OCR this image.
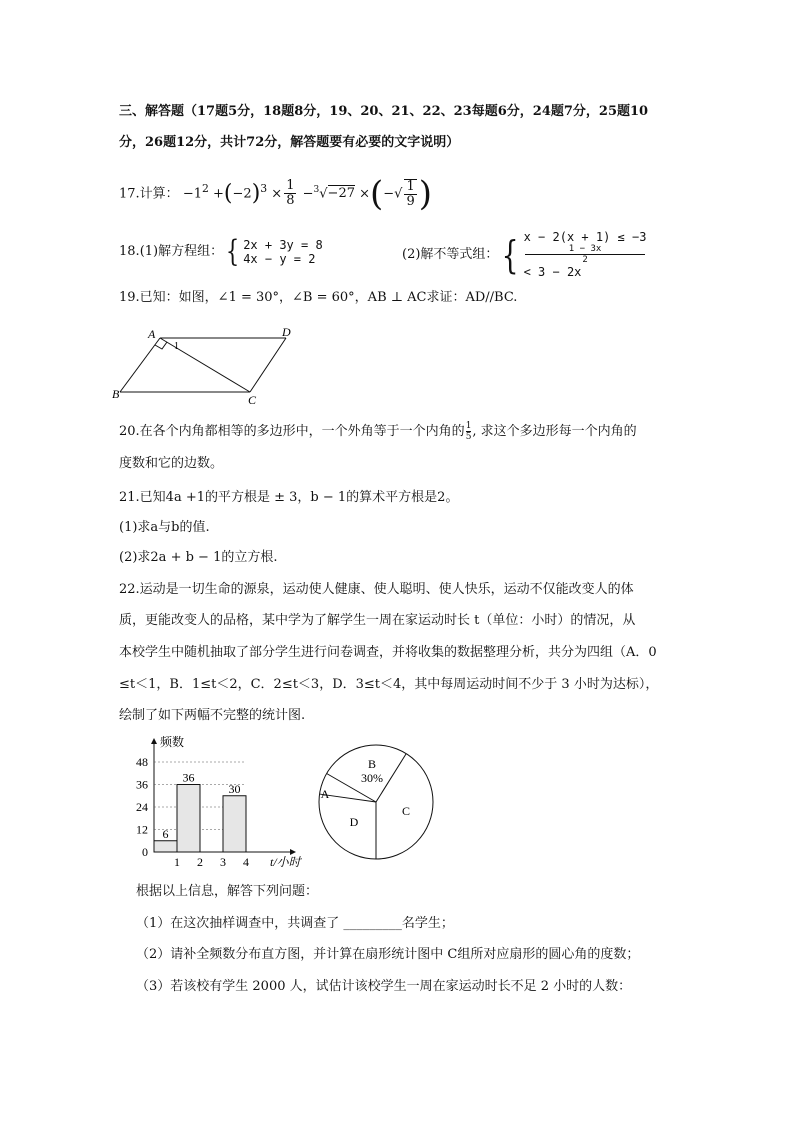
三、解答题（17题5分，18题8分，19、20、21、22、23每题6分，24题7分，25题10
分，26题12分，共计72分，解答题要有必要的文字说明）
17.计算： $-1^2 +(-2)^3 \times \frac{1}{8} -^3√-27$ ×(−√ $\frac{1}{9}$ )
18.(1)解方程组：{ 2x + 3y = 8
4x − y = 2	(2)解不等式组：{ x − 2(x + 1) ≤ −3
1 − 3x
2
< 3 − 2x
19.已知：如图，∠1 = 30°，∠B = 60°，AB ⊥ AC求证：AD//BC.
A
B	C
D
1
20.在各个内角都相等的多边形中，一个外角等于一个内角的 $\frac{1}{5}$ , 求这个多边形每一个内角的
度数和它的边数。
21.已知4a +1的平方根是 ± 3，b − 1的算术平方根是2。
(1)求a与b的值.
(2)求2a + b − 1的立方根.
22.运动是一切生命的源泉，运动使人健康、使人聪明、使人快乐，运动不仅能改变人的体
质，更能改变人的品格，某中学为了解学生一周在家运动时长 t（单位：小时）的情况，从
本校学生中随机抽取了部分学生进行问卷调查，并将收集的数据整理分析，共分为四组（A．0
≤t＜1，B．1≤t＜2，C．2≤t＜3，D．3≤t＜4，其中每周运动时间不少于 3 小时为达标），
绘制了如下两幅不完整的统计图.
频数
t/小时
0
12
24
36
48
1 2 3 4
6
36
30
B
30%
C
D
A
根据以上信息，解答下列问题：
（1）在这次抽样调查中，共调查了 _________名学生；
（2）请补全频数分布直方图，并计算在扇形统计图中 C组所对应扇形的圆心角的度数；
（3）若该校有学生 2000 人，试估计该校学生一周在家运动时长不足 2 小时的人数：
